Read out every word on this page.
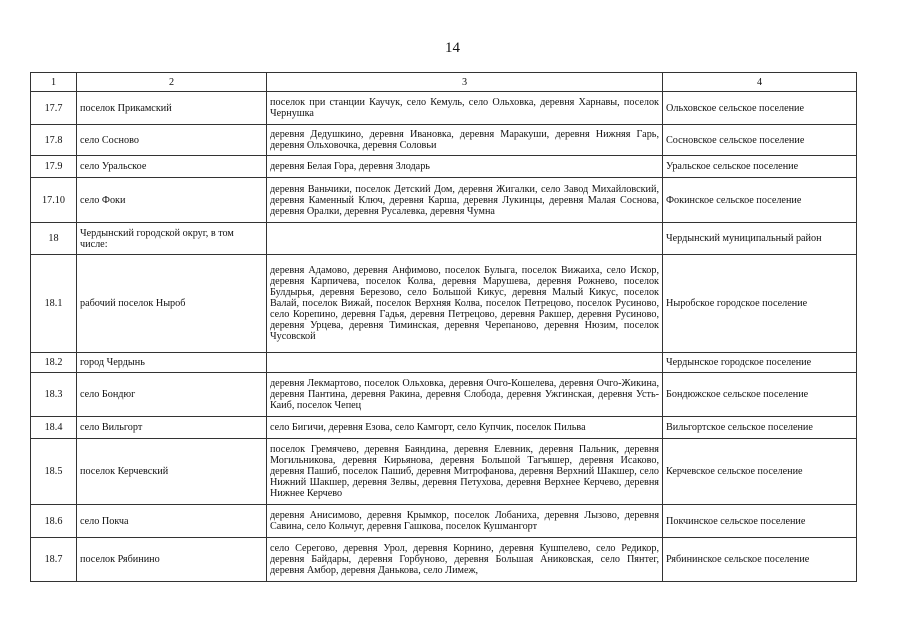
14
1	2	3	4
17.7	поселок Прикамский	поселок при станции Каучук, село Кемуль, село Ольховка, деревня Харнавы, поселок Чернушка	Ольховское сельское поселение
17.8	село Сосново	деревня Дедушкино, деревня Ивановка, деревня Маракуши, деревня Нижняя Гарь, деревня Ольховочка, деревня Соловьи	Сосновское сельское поселение
17.9	село Уральское	деревня Белая Гора, деревня Злодарь	Уральское сельское поселение
17.10	село Фоки	деревня Ваньчики, поселок Детский Дом, деревня Жигалки, село Завод Михайловский, деревня Каменный Ключ, деревня Карша, деревня Лукинцы, деревня Малая Соснова, деревня Оралки, деревня Русалевка, деревня Чумна	Фокинское сельское поселение
18	Чердынский городской округ, в том числе:		Чердынский муниципальный район
18.1	рабочий поселок Ныроб	деревня Адамово, деревня Анфимово, поселок Булыга, поселок Вижаиха, село Искор, деревня Карпичева, поселок Колва, деревня Марушева, деревня Рожнево, поселок Булдырья, деревня Березово, село Большой Кикус, деревня Малый Кикус, поселок Валай, поселок Вижай, поселок Верхняя Колва, поселок Петрецово, поселок Русиново, село Корепино, деревня Гадья, деревня Петрецово, деревня Ракшер, деревня Русиново, деревня Урцева, деревня Тиминская, деревня Черепаново, деревня Нюзим, поселок Чусовской	Ныробское городское поселение
18.2	город Чердынь		Чердынское городское поселение
18.3	село Бондюг	деревня Лекмартово, поселок Ольховка, деревня Очго-Кошелева, деревня Очго-Жикина, деревня Пантина, деревня Ракина, деревня Слобода, деревня Ужгинская, деревня Усть-Каиб, поселок Чепец	Бондюжское сельское поселение
18.4	село Вильгорт	село Бигичи, деревня Езова, село Камгорт, село Купчик, поселок Пильва	Вильгортское сельское поселение
18.5	поселок Керчевский	поселок Гремячево, деревня Баяндина, деревня Елевник, деревня Пальник, деревня Могильникова, деревня Кирьянова, деревня Большой Тагъяшер, деревня Исаково, деревня Пашиб, поселок Пашиб, деревня Митрофанова, деревня Верхний Шакшер, село Нижний Шакшер, деревня Зелвы, деревня Петухова, деревня Верхнее Керчево, деревня Нижнее Керчево	Керчевское сельское поселение
18.6	село Покча	деревня Анисимово, деревня Крымкор, поселок Лобаниха, деревня Лызово, деревня Савина, село Кольчуг, деревня Гашкова, поселок Кушмангорт	Покчинское сельское поселение
18.7	поселок Рябинино	село Серегово, деревня Урол, деревня Корнино, деревня Кушпелево, село Редикор, деревня Байдары, деревня Горбуново, деревня Большая Аниковская, село Пянтег, деревня Амбор, деревня Данькова, село Лимеж,	Рябининское сельское поселение
